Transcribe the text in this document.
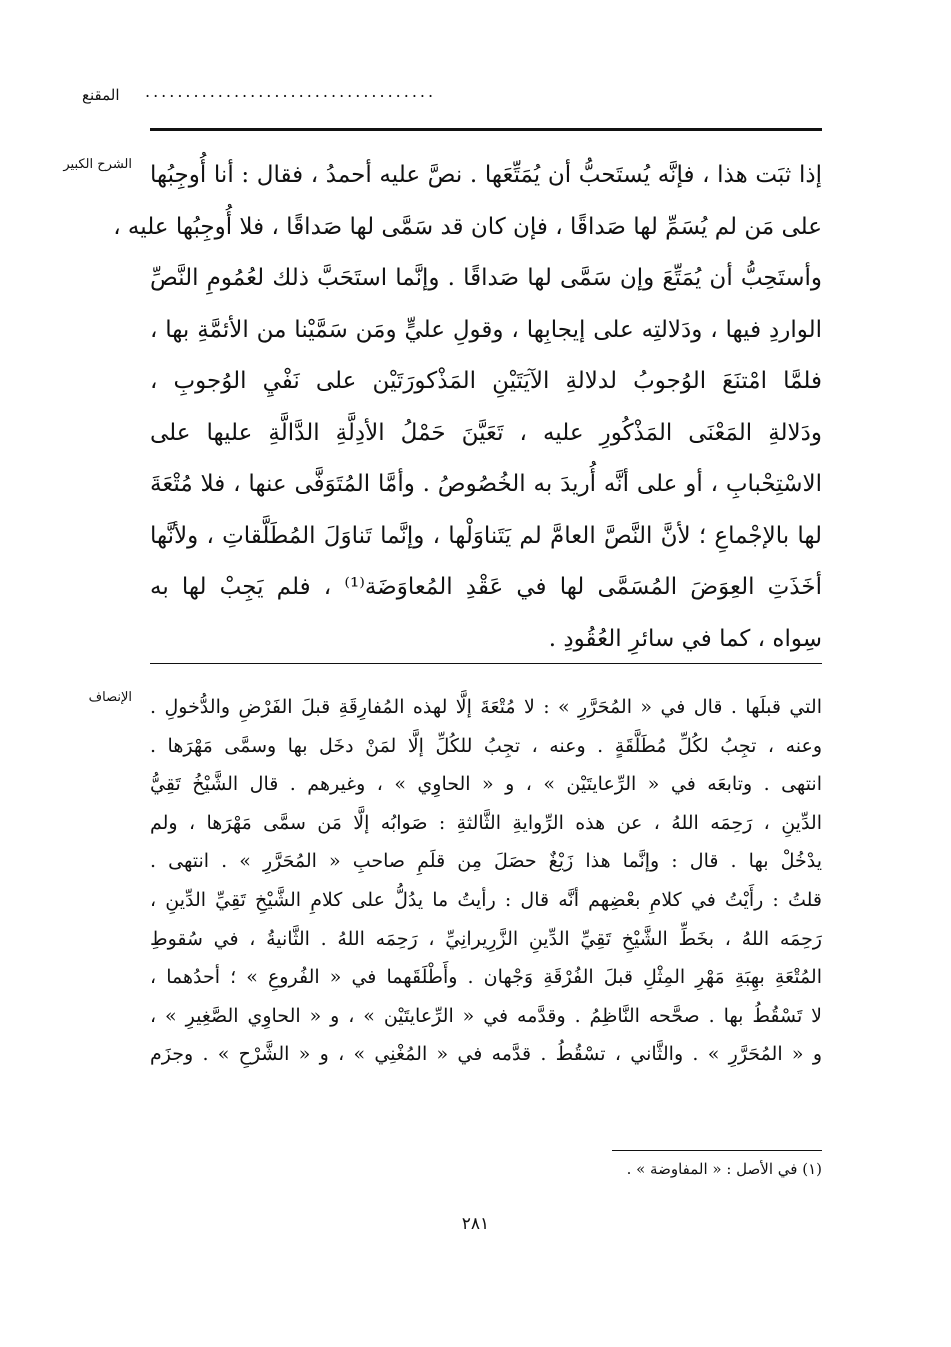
المقنع ....................................
الشرح الكبير إذا ثبَت هذا ، فإنَّه يُستَحبُّ أن يُمَتِّعَها . نصَّ عليه أحمدُ ، فقال : أنا أُوجِبُها
على مَن لم يُسَمِّ لها صَداقًا ، فإن كان قد سَمَّى لها صَداقًا ، فلا أُوجِبُها عليه ،
وأستَحِبُّ أن يُمَتِّعَ وإن سَمَّى لها صَداقًا . وإنَّما استَحَبَّ ذلك لعُمُومِ النَّصِّ
الواردِ فيها ، ودَلالتِه على إيجابِها ، وقولِ عليٍّ ومَن سَمَّيْنا من الأئمَّةِ بها ،
فلمَّا امْتنَعَ الوُجوبُ لدلالةِ الآيَتَيْنِ المَذْكورَتَيْن على نَفْيِ الوُجوبِ ،
ودَلالةِ المَعْنَى المَذْكُورِ عليه ، تَعَيَّنَ حَمْلُ الأدِلَّةِ الدَّالَّةِ عليها على
الاسْتِحْبابِ ، أو على أنَّه أُريدَ به الخُصُوصُ . وأمَّا المُتَوَفَّى عنها ، فلا مُتْعَةَ
لها بالإجْماعِ ؛ لأنَّ النَّصَّ العامَّ لم يَتَناوَلْها ، وإنَّما تَناوَلَ المُطَلَّقاتِ ، ولأنَّها
أخَذَتِ العِوَضَ المُسَمَّى لها في عَقْدِ المُعاوَضَة⁽¹⁾ ، فلم يَجِبْ لها به
سِواه ، كما في سائرِ العُقُودِ .
الإنصاف التي قبلَها . قال في « المُحَرَّرِ » : لا مُتْعَةَ إلَّا لهذه المُفارِقَةِ قبلَ الفَرْضِ والدُّخولِ .
وعنه ، تجِبُ لكُلِّ مُطَلَّقَةٍ . وعنه ، تجِبُ للكُلِّ إلَّا لمَنْ دخَل بها وسمَّى مَهْرَها .
انتهى . وتابعَه في « الرِّعايتَيْن » ، و « الحاوِي » ، وغيرهم . قال الشَّيْخُ تَقِيُّ
الدِّينِ ، رَحِمَه اللهُ ، عن هذه الرِّوايةِ الثَّالثةِ : صَوابُه إلَّا مَن سمَّى مَهْرَها ، ولم
يدْخُلْ بها . قال : وإنَّما هذا زَيْغٌ حصَلَ مِن قلَمِ صاحبِ « المُحَرَّرِ » . انتهى .
قلتُ : رأَيْتُ في كلامِ بعْضِهم أنَّه قال : رأيتُ ما يدُلُّ على كلامِ الشَّيْخِ تَقِيِّ الدِّينِ ،
رَحِمَه اللهُ ، بخَطِّ الشَّيْخِ تَقِيِّ الدِّينِ الزَّرِيرانِيِّ ، رَحِمَه اللهُ . الثَّانيةُ ، في سُقوطِ
المُتْعَةِ بهِبَةِ مَهْرِ المِثْلِ قبلَ الفُرْقَةِ وَجْهان . وأَطْلَقَهما في « الفُروعِ » ؛ أحدُهما ،
لا تَسْقُطُ بها . صحَّحه النَّاظِمُ . وقدَّمه في « الرِّعايتَيْن » ، و « الحاوِي الصَّغِيرِ » ،
و « المُحَرَّرِ » . والثَّاني ، تسْقُطُ . قدَّمه في « المُغْنِي » ، و « الشَّرْحِ » . وجزَم
(١) في الأصل : « المفاوضة » .
٢٨١
